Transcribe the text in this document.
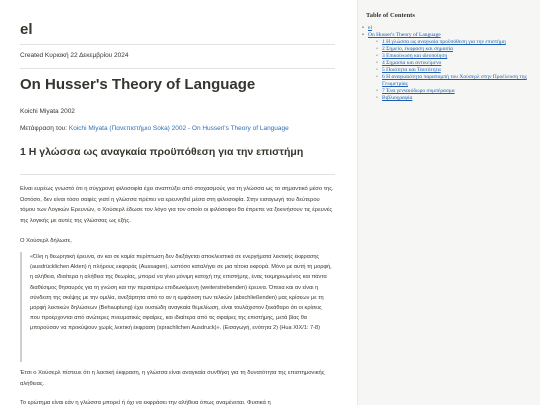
el
Created Κυριακή 22 Δεκεμβρίου 2024
On Husser's Theory of Language
Koichi Miyata 2002
Μετάφραση του: Koichi Miyata (Πανεπιστήμιο Soka) 2002 - On Husserl's Theory of Language
1 Η γλώσσα ως αναγκαία προϋπόθεση για την επιστήμη

Είναι ευρέως γνωστό ότι η σύγχρονη φιλοσοφία έχει αναπτύξει από στοχασμούς για τη γλώσσα ως το σημαντικό μέσο της. Ωστόσο, δεν είναι τόσο σαφές γιατί η γλώσσα πρέπει να ερευνηθεί μέσα στη φιλοσοφία. Στην εισαγωγή του δεύτερου τόμου των Λογικών Ερευνών, ο Χούσερλ έδωσε τον λόγο για τον οποίο οι φιλόσοφοι θα έπρεπε να ξεκινήσουν τις έρευνές της λογικής με αυτές της γλώσσας ως εξής.

Ο Χούσερλ δήλωσε,

«Όλη η θεωρητική έρευνα, αν και σε καμία περίπτωση δεν διεξάγεται αποκλειστικά σε ενεργήματα λεκτικής έκφρασης (ausdrücklichen Akten) ή πλήρους εκφοράς (Aussagen), ωστόσο καταλήγει σε μια τέτοια εκφορά. Μόνο με αυτή τη μορφή, η αλήθεια, ιδιαίτερα η αλήθεια της θεωρίας, μπορεί να γίνει μόνιμη κατοχή της επιστήμης, ένας τεκμηριωμένος και πάντα διαθέσιμος θησαυρός για τη γνώση και την περαιτέρω επιδιωκόμενη (weiterstrebenden) έρευνα. Όποια και αν είναι η σύνδεση της σκέψης με την ομιλία, ανεξάρτητα από το αν η εμφάνιση των τελικών (abschließenden) μας κρίσεων με τη μορφή λεκτικών δηλώσεων (Behauptung) έχει ουσιώδη αναγκαία θεμελίωση, είναι τουλάχιστον ξεκάθαρο ότι οι κρίσεις που προέρχονται από ανώτερες πνευματικές σφαίρες, και ιδιαίτερα από τις σφαίρες της επιστήμης, μετά βίας θα μπορούσαν να προκύψουν χωρίς λεκτική έκφραση (sprachlichen Ausdruck)». (Εισαγωγή, ενότητα 2) (Hua XIX/1: 7-8)

Έτσι ο Χούσερλ πίστευε ότι η λεκτική έκφραση, η γλώσσα είναι αναγκαία συνθήκη για τη δυνατότητα της επιστημονικής αλήθειας.

Το ερώτημα είναι εάν η γλώσσα μπορεί ή όχι να εκφράσει την αλήθεια όπως αναμένεται. Φυσικά η

Table of Contents
• el
• On Husser's Theory of Language
◦ 1 Η γλώσσα ως αναγκαία προϋπόθεση για την επιστήμη
◦ 2 Σημείο, έκφραση και σημασία
◦ 3 Επικοίνωση και ιδεοποίηση
◦ 4 Σημασία και αντικείμενο
◦ 5 Ποιότητα και Ταυτότητα
◦ 6 Η αναγκαιότητα παραπομπή του Χούσερλ στην Προέλευση της Γεωμετρίας
◦ 7 Ένα γενναιόδωρο συμπέρασμα
◦ Βιβλιογραφία
